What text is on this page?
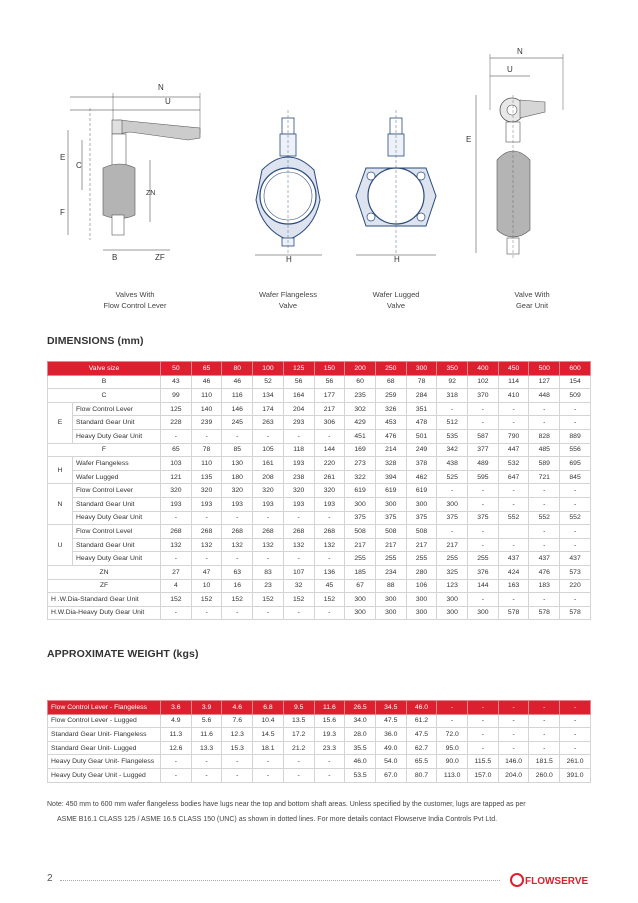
N
U
E
C
F
ZN
B	ZF	H	H
N
U
E
Valves With
Flow Control Lever
Wafer Flangeless
Valve
Wafer Lugged
Valve
Valve With
Gear Unit
DIMENSIONS (mm)
Valve size		50	65	80	100	125	150	200	250	300	350	400	450	500	600
B		43	46	46	52	56	56	60	68	78	92	102	114	127	154
C		99	110	116	134	164	177	235	259	284	318	370	410	448	509
E	Flow Control Lever	125	140	146	174	204	217	302	326	351	-	-	-	-	-
	Standard Gear Unit	228	239	245	263	293	306	429	453	478	512	-	-	-	-
	Heavy Duty Gear Unit	-	-	-	-	-	-	451	476	501	535	587	790	828	889
F		65	78	85	105	118	144	169	214	249	342	377	447	485	556
H	Wafer Flangeless	103	110	130	161	193	220	273	328	378	438	489	532	589	695
	Wafer Lugged	121	135	180	208	238	261	322	394	462	525	595	647	721	845
N	Flow Control Lever	320	320	320	320	320	320	619	619	619	-	-	-	-	-
	Standard Gear Unit	193	193	193	193	193	193	300	300	300	300	-	-	-	-
	Heavy Duty Gear Unit	-	-	-	-	-	-	375	375	375	375	375	552	552	552
U	Flow Control Level	268	268	268	268	268	268	508	508	508	-	-		-	-
	Standard Gear Unit	132	132	132	132	132	132	217	217	217	217	-	-	-	-
	Heavy Duty Gear Unit	-	-	-	-	-	-	255	255	255	255	255	437	437	437
ZN		27	47	63	83	107	136	185	234	280	325	376	424	476	573
ZF		4	10	16	23	32	45	67	88	106	123	144	163	183	220
H .W.Dia-Standard Gear Unit		152	152	152	152	152	152	300	300	300	300	-	-	-	-
H.W.Dia-Heavy Duty Gear Unit		-	-	-	-	-	-	300	300	300	300	300	578	578	578
APPROXIMATE WEIGHT (kgs)
Flow Control Lever - Flangeless	3.6	3.9	4.6	6.8	9.5	11.6	26.5	34.5	46.0	-	-	-	-	-
Flow Control Lever - Lugged	4.9	5.6	7.6	10.4	13.5	15.6	34.0	47.5	61.2	-	-	-	-	-
Standard Gear Unit- Flangeless	11.3	11.6	12.3	14.5	17.2	19.3	28.0	36.0	47.5	72.0	-	-	-	-
Standard Gear Unit- Lugged	12.6	13.3	15.3	18.1	21.2	23.3	35.5	49.0	62.7	95.0	-	-	-	-
Heavy Duty Gear Unit- Flangeless	-	-	-	-	-	-	46.0	54.0	65.5	90.0	115.5	146.0	181.5	261.0
Heavy Duty Gear Unit - Lugged	-	-	-	-	-	-	53.5	67.0	80.7	113.0	157.0	204.0	260.0	391.0
Note: 450 mm to 600 mm wafer flangeless bodies have lugs near the top and bottom shaft areas. Unless specified by the customer, lugs are tapped as per
ASME B16.1 CLASS 125 / ASME 16.5 CLASS 150 (UNC) as shown in dotted lines. For more details contact Flowserve India Controls Pvt Ltd.
2	FLOWSERVE
